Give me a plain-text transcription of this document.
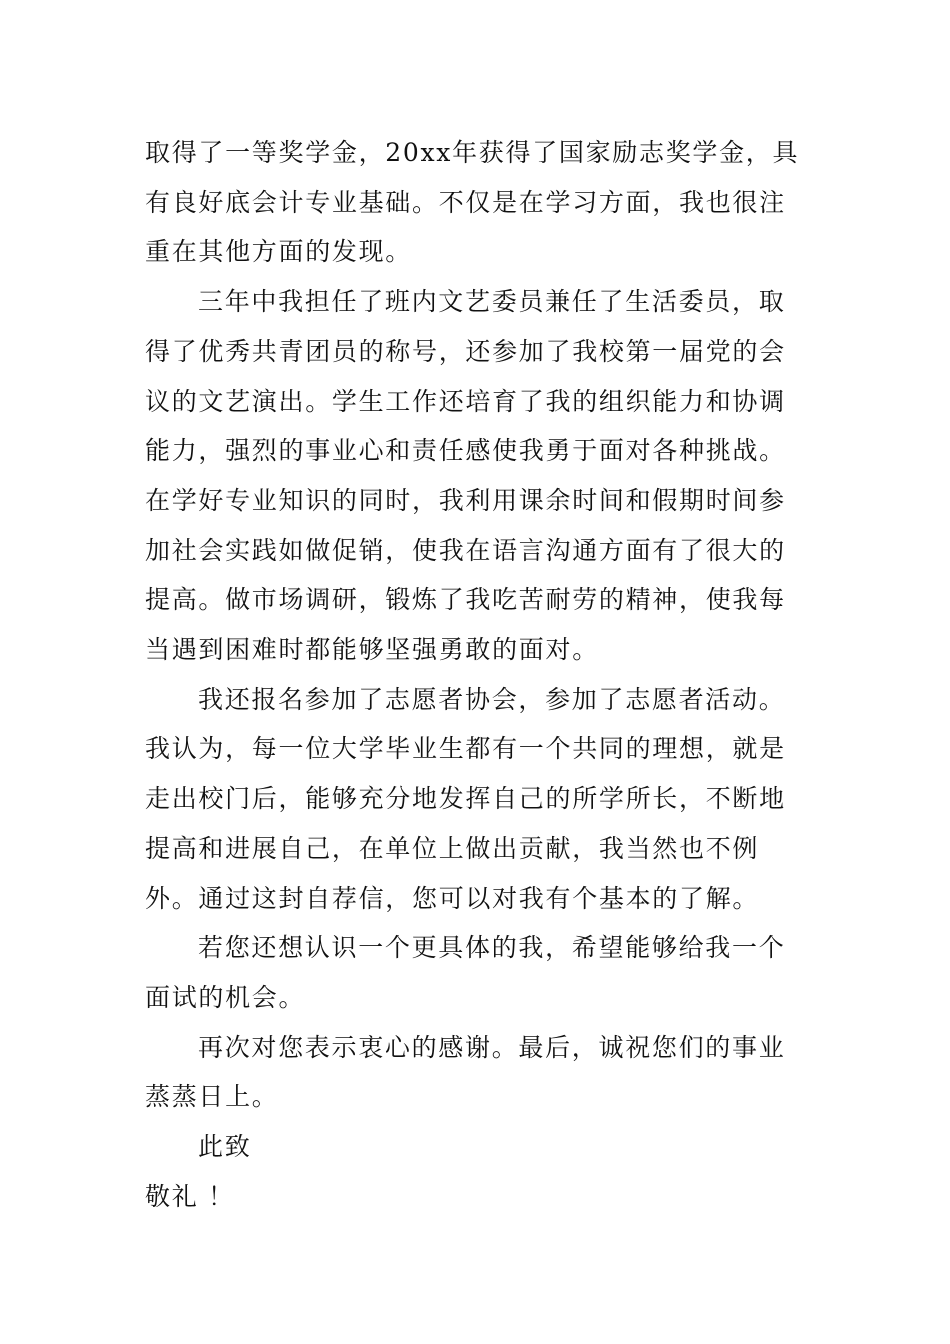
取得了一等奖学金，20xx年获得了国家励志奖学金，具有良好底会计专业基础。不仅是在学习方面，我也很注重在其他方面的发现。

三年中我担任了班内文艺委员兼任了生活委员，取得了优秀共青团员的称号，还参加了我校第一届党的会议的文艺演出。学生工作还培育了我的组织能力和协调能力，强烈的事业心和责任感使我勇于面对各种挑战。在学好专业知识的同时，我利用课余时间和假期时间参加社会实践如做促销，使我在语言沟通方面有了很大的提高。做市场调研，锻炼了我吃苦耐劳的精神，使我每当遇到困难时都能够坚强勇敢的面对。

我还报名参加了志愿者协会，参加了志愿者活动。我认为，每一位大学毕业生都有一个共同的理想，就是走出校门后，能够充分地发挥自己的所学所长，不断地提高和进展自己，在单位上做出贡献，我当然也不例外。通过这封自荐信，您可以对我有个基本的了解。

若您还想认识一个更具体的我，希望能够给我一个面试的机会。

再次对您表示衷心的感谢。最后，诚祝您们的事业蒸蒸日上。

此致

敬礼 ！
